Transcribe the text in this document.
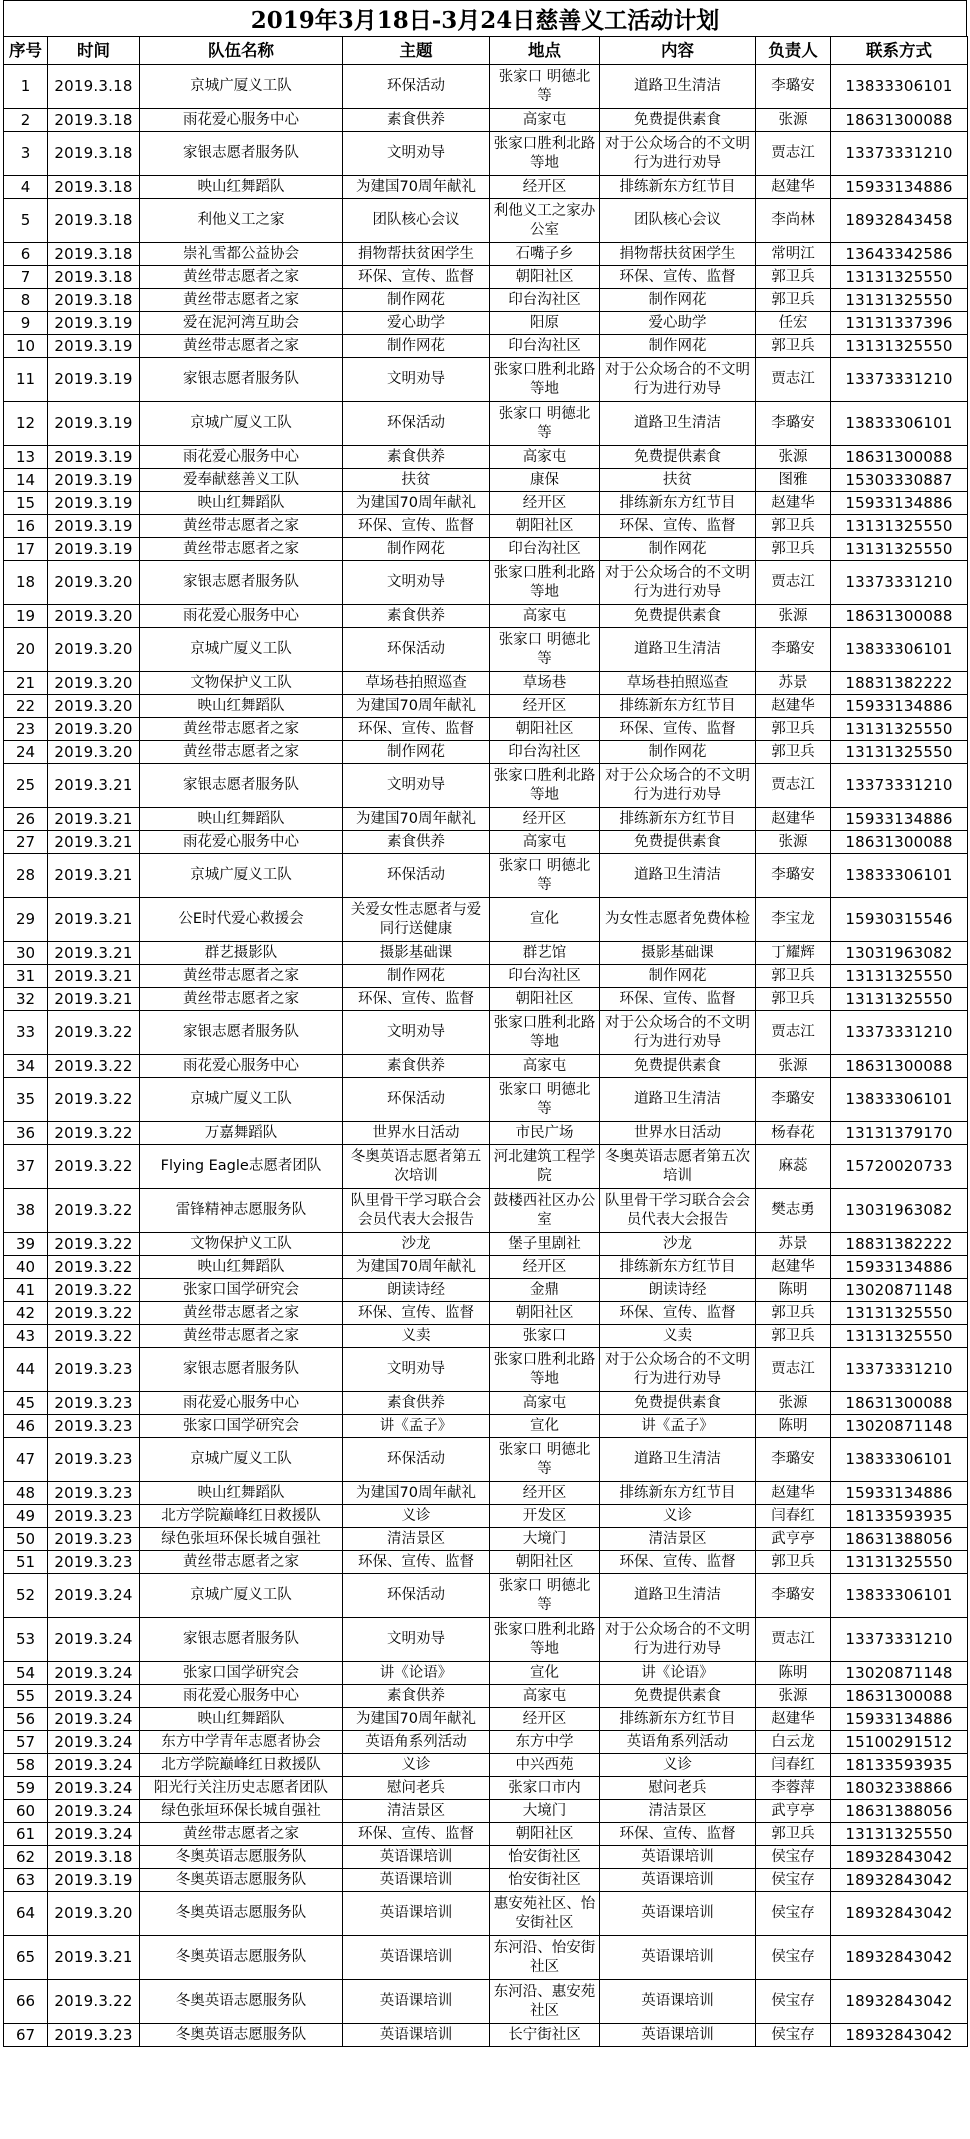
2019年3月18日-3月24日慈善义工活动计划
序号	时间	队伍名称	主题	地点	内容	负责人	联系方式
1	2019.3.18	京城广厦义工队	环保活动	张家口 明德北等	道路卫生清洁	李璐安	13833306101
2	2019.3.18	雨花爱心服务中心	素食供养	高家屯	免费提供素食	张源	18631300088
3	2019.3.18	家银志愿者服务队	文明劝导	张家口胜利北路等地	对于公众场合的不文明行为进行劝导	贾志江	13373331210
4	2019.3.18	映山红舞蹈队	为建国70周年献礼	经开区	排练新东方红节目	赵建华	15933134886
5	2019.3.18	利他义工之家	团队核心会议	利他义工之家办公室	团队核心会议	李尚林	18932843458
6	2019.3.18	崇礼雪都公益协会	捐物帮扶贫困学生	石嘴子乡	捐物帮扶贫困学生	常明江	13643342586
7	2019.3.18	黄丝带志愿者之家	环保、宣传、监督	朝阳社区	环保、宣传、监督	郭卫兵	13131325550
8	2019.3.18	黄丝带志愿者之家	制作网花	印台沟社区	制作网花	郭卫兵	13131325550
9	2019.3.19	爱在泥河湾互助会	爱心助学	阳原	爱心助学	任宏	13131337396
10	2019.3.19	黄丝带志愿者之家	制作网花	印台沟社区	制作网花	郭卫兵	13131325550
11	2019.3.19	家银志愿者服务队	文明劝导	张家口胜利北路等地	对于公众场合的不文明行为进行劝导	贾志江	13373331210
12	2019.3.19	京城广厦义工队	环保活动	张家口 明德北等	道路卫生清洁	李璐安	13833306101
13	2019.3.19	雨花爱心服务中心	素食供养	高家屯	免费提供素食	张源	18631300088
14	2019.3.19	爱奉献慈善义工队	扶贫	康保	扶贫	图雅	15303330887
15	2019.3.19	映山红舞蹈队	为建国70周年献礼	经开区	排练新东方红节目	赵建华	15933134886
16	2019.3.19	黄丝带志愿者之家	环保、宣传、监督	朝阳社区	环保、宣传、监督	郭卫兵	13131325550
17	2019.3.19	黄丝带志愿者之家	制作网花	印台沟社区	制作网花	郭卫兵	13131325550
18	2019.3.20	家银志愿者服务队	文明劝导	张家口胜利北路等地	对于公众场合的不文明行为进行劝导	贾志江	13373331210
19	2019.3.20	雨花爱心服务中心	素食供养	高家屯	免费提供素食	张源	18631300088
20	2019.3.20	京城广厦义工队	环保活动	张家口 明德北等	道路卫生清洁	李璐安	13833306101
21	2019.3.20	文物保护义工队	草场巷拍照巡查	草场巷	草场巷拍照巡查	苏景	18831382222
22	2019.3.20	映山红舞蹈队	为建国70周年献礼	经开区	排练新东方红节目	赵建华	15933134886
23	2019.3.20	黄丝带志愿者之家	环保、宣传、监督	朝阳社区	环保、宣传、监督	郭卫兵	13131325550
24	2019.3.20	黄丝带志愿者之家	制作网花	印台沟社区	制作网花	郭卫兵	13131325550
25	2019.3.21	家银志愿者服务队	文明劝导	张家口胜利北路等地	对于公众场合的不文明行为进行劝导	贾志江	13373331210
26	2019.3.21	映山红舞蹈队	为建国70周年献礼	经开区	排练新东方红节目	赵建华	15933134886
27	2019.3.21	雨花爱心服务中心	素食供养	高家屯	免费提供素食	张源	18631300088
28	2019.3.21	京城广厦义工队	环保活动	张家口 明德北等	道路卫生清洁	李璐安	13833306101
29	2019.3.21	公E时代爱心救援会	关爱女性志愿者与爱同行送健康	宣化	为女性志愿者免费体检	李宝龙	15930315546
30	2019.3.21	群艺摄影队	摄影基础课	群艺馆	摄影基础课	丁耀辉	13031963082
31	2019.3.21	黄丝带志愿者之家	制作网花	印台沟社区	制作网花	郭卫兵	13131325550
32	2019.3.21	黄丝带志愿者之家	环保、宣传、监督	朝阳社区	环保、宣传、监督	郭卫兵	13131325550
33	2019.3.22	家银志愿者服务队	文明劝导	张家口胜利北路等地	对于公众场合的不文明行为进行劝导	贾志江	13373331210
34	2019.3.22	雨花爱心服务中心	素食供养	高家屯	免费提供素食	张源	18631300088
35	2019.3.22	京城广厦义工队	环保活动	张家口 明德北等	道路卫生清洁	李璐安	13833306101
36	2019.3.22	万嘉舞蹈队	世界水日活动	市民广场	世界水日活动	杨春花	13131379170
37	2019.3.22	Flying Eagle志愿者团队	冬奥英语志愿者第五次培训	河北建筑工程学院	冬奥英语志愿者第五次培训	麻蕊	15720020733
38	2019.3.22	雷锋精神志愿服务队	队里骨干学习联合会会员代表大会报告	鼓楼西社区办公室	队里骨干学习联合会会员代表大会报告	樊志勇	13031963082
39	2019.3.22	文物保护义工队	沙龙	堡子里剧社	沙龙	苏景	18831382222
40	2019.3.22	映山红舞蹈队	为建国70周年献礼	经开区	排练新东方红节目	赵建华	15933134886
41	2019.3.22	张家口国学研究会	朗读诗经	金鼎	朗读诗经	陈明	13020871148
42	2019.3.22	黄丝带志愿者之家	环保、宣传、监督	朝阳社区	环保、宣传、监督	郭卫兵	13131325550
43	2019.3.22	黄丝带志愿者之家	义卖	张家口	义卖	郭卫兵	13131325550
44	2019.3.23	家银志愿者服务队	文明劝导	张家口胜利北路等地	对于公众场合的不文明行为进行劝导	贾志江	13373331210
45	2019.3.23	雨花爱心服务中心	素食供养	高家屯	免费提供素食	张源	18631300088
46	2019.3.23	张家口国学研究会	讲《孟子》	宣化	讲《孟子》	陈明	13020871148
47	2019.3.23	京城广厦义工队	环保活动	张家口 明德北等	道路卫生清洁	李璐安	13833306101
48	2019.3.23	映山红舞蹈队	为建国70周年献礼	经开区	排练新东方红节目	赵建华	15933134886
49	2019.3.23	北方学院巅峰红日救援队	义诊	开发区	义诊	闫春红	18133593935
50	2019.3.23	绿色张垣环保长城自强社	清洁景区	大境门	清洁景区	武亨亭	18631388056
51	2019.3.23	黄丝带志愿者之家	环保、宣传、监督	朝阳社区	环保、宣传、监督	郭卫兵	13131325550
52	2019.3.24	京城广厦义工队	环保活动	张家口 明德北等	道路卫生清洁	李璐安	13833306101
53	2019.3.24	家银志愿者服务队	文明劝导	张家口胜利北路等地	对于公众场合的不文明行为进行劝导	贾志江	13373331210
54	2019.3.24	张家口国学研究会	讲《论语》	宣化	讲《论语》	陈明	13020871148
55	2019.3.24	雨花爱心服务中心	素食供养	高家屯	免费提供素食	张源	18631300088
56	2019.3.24	映山红舞蹈队	为建国70周年献礼	经开区	排练新东方红节目	赵建华	15933134886
57	2019.3.24	东方中学青年志愿者协会	英语角系列活动	东方中学	英语角系列活动	白云龙	15100291512
58	2019.3.24	北方学院巅峰红日救援队	义诊	中兴西苑	义诊	闫春红	18133593935
59	2019.3.24	阳光行关注历史志愿者团队	慰问老兵	张家口市内	慰问老兵	李蓉萍	18032338866
60	2019.3.24	绿色张垣环保长城自强社	清洁景区	大境门	清洁景区	武亨亭	18631388056
61	2019.3.24	黄丝带志愿者之家	环保、宣传、监督	朝阳社区	环保、宣传、监督	郭卫兵	13131325550
62	2019.3.18	冬奥英语志愿服务队	英语课培训	怡安街社区	英语课培训	侯宝存	18932843042
63	2019.3.19	冬奥英语志愿服务队	英语课培训	怡安街社区	英语课培训	侯宝存	18932843042
64	2019.3.20	冬奥英语志愿服务队	英语课培训	惠安苑社区、怡安街社区	英语课培训	侯宝存	18932843042
65	2019.3.21	冬奥英语志愿服务队	英语课培训	东河沿、怡安街社区	英语课培训	侯宝存	18932843042
66	2019.3.22	冬奥英语志愿服务队	英语课培训	东河沿、惠安苑社区	英语课培训	侯宝存	18932843042
67	2019.3.23	冬奥英语志愿服务队	英语课培训	长宁街社区	英语课培训	侯宝存	18932843042
